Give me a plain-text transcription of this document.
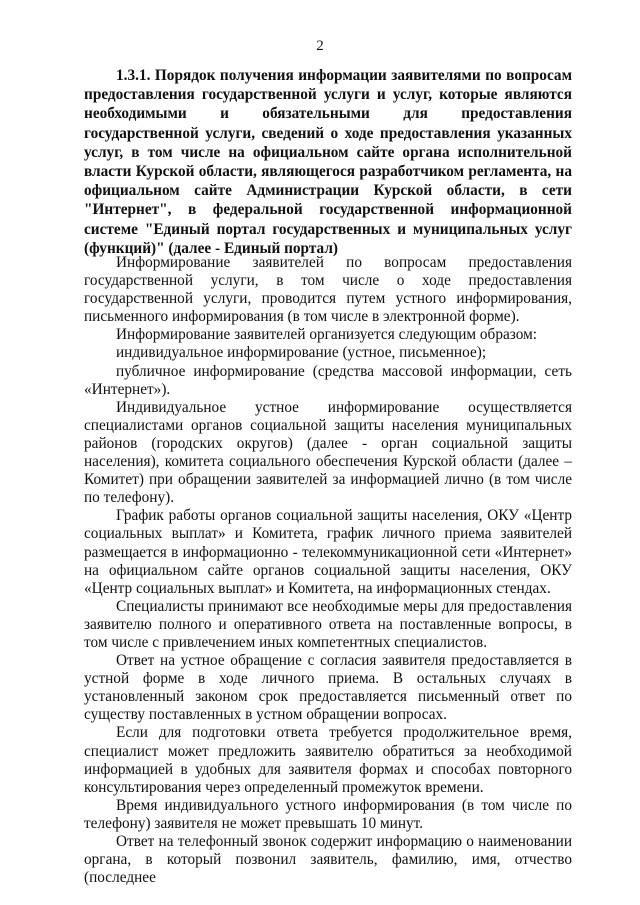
2
1.3.1. Порядок получения информации заявителями по вопросам предоставления государственной услуги и услуг, которые являются необходимыми и обязательными для предоставления государственной услуги, сведений о ходе предоставления указанных услуг, в том числе на официальном сайте органа исполнительной власти Курской области, являющегося разработчиком регламента, на официальном сайте Администрации Курской области, в сети "Интернет", в федеральной государственной информационной системе "Единый портал государственных и муниципальных услуг (функций)" (далее - Единый портал)

Информирование заявителей по вопросам предоставления государственной услуги, в том числе о ходе предоставления государственной услуги, проводится путем устного информирования, письменного информирования (в том числе в электронной форме).

Информирование заявителей организуется следующим образом:

индивидуальное информирование (устное, письменное);

публичное информирование (средства массовой информации, сеть «Интернет»).

Индивидуальное устное информирование осуществляется специалистами органов социальной защиты населения муниципальных районов (городских округов) (далее - орган социальной защиты населения), комитета социального обеспечения Курской области (далее – Комитет) при обращении заявителей за информацией лично (в том числе по телефону).

График работы органов социальной защиты населения, ОКУ «Центр социальных выплат» и Комитета, график личного приема заявителей размещается в информационно - телекоммуникационной сети «Интернет» на официальном сайте органов социальной защиты населения, ОКУ «Центр социальных выплат» и Комитета, на информационных стендах.

Специалисты принимают все необходимые меры для предоставления заявителю полного и оперативного ответа на поставленные вопросы, в том числе с привлечением иных компетентных специалистов.

Ответ на устное обращение с согласия заявителя предоставляется в устной форме в ходе личного приема. В остальных случаях в установленный законом срок предоставляется письменный ответ по существу поставленных в устном обращении вопросах.

Если для подготовки ответа требуется продолжительное время, специалист может предложить заявителю обратиться за необходимой информацией в удобных для заявителя формах и способах повторного консультирования через определенный промежуток времени.

Время индивидуального устного информирования (в том числе по телефону) заявителя не может превышать 10 минут.

Ответ на телефонный звонок содержит информацию о наименовании органа, в который позвонил заявитель, фамилию, имя, отчество (последнее
